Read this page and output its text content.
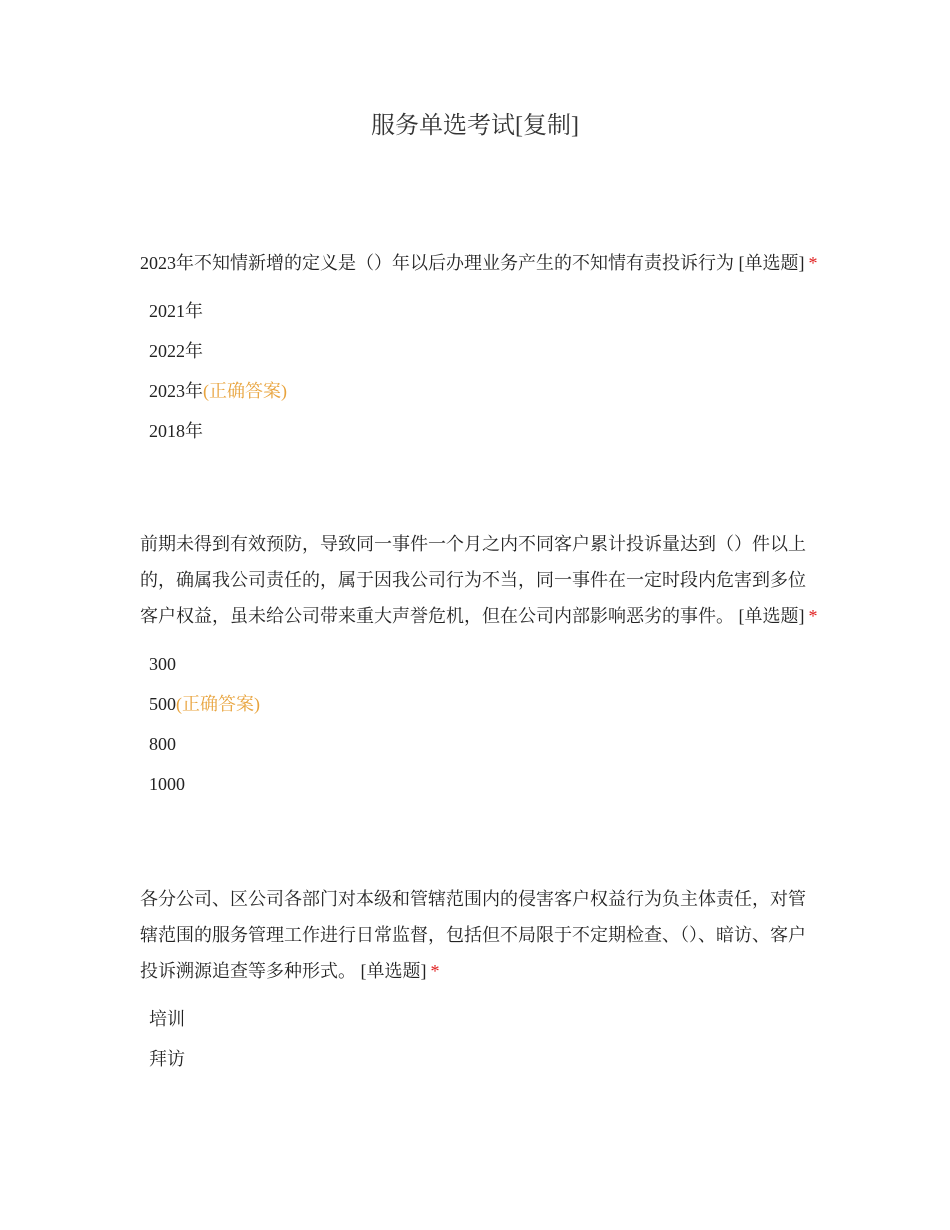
服务单选考试[复制]

2023年不知情新增的定义是（）年以后办理业务产生的不知情有责投诉行为 [单选题] *

2021年
2022年
2023年(正确答案)
2018年

前期未得到有效预防，导致同一事件一个月之内不同客户累计投诉量达到（）件以上的，确属我公司责任的，属于因我公司行为不当，同一事件在一定时段内危害到多位客户权益，虽未给公司带来重大声誉危机，但在公司内部影响恶劣的事件。 [单选题] *

300
500(正确答案)
800
1000

各分公司、区公司各部门对本级和管辖范围内的侵害客户权益行为负主体责任，对管辖范围的服务管理工作进行日常监督，包括但不局限于不定期检查、（）、暗访、客户投诉溯源追查等多种形式。 [单选题] *

培训
拜访
